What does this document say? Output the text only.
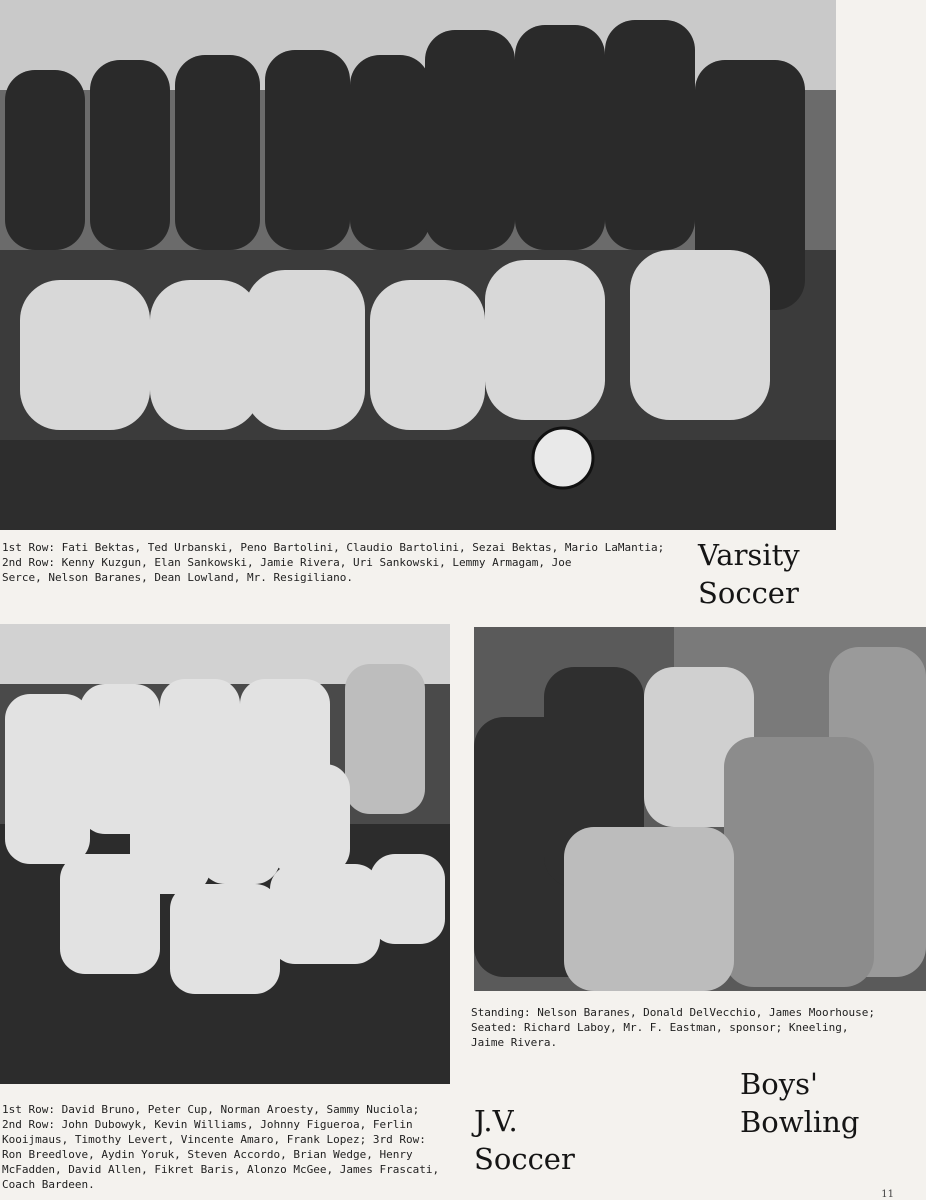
1st Row: Fati Bektas, Ted Urbanski, Peno Bartolini, Claudio Bartolini, Sezai Bektas, Mario LaMantia;

2nd Row: Kenny Kuzgun, Elan Sankowski, Jamie Rivera, Uri Sankowski, Lemmy Armagam, Joe

Serce, Nelson Baranes, Dean Lowland, Mr. Resigiliano.

Varsity
Soccer

1st Row: David Bruno, Peter Cup, Norman Aroesty, Sammy Nuciola;

2nd Row: John Dubowyk, Kevin Williams, Johnny Figueroa, Ferlin

Kooijmaus, Timothy Levert, Vincente Amaro, Frank Lopez; 3rd Row:

Ron Breedlove, Aydin Yoruk, Steven Accordo, Brian Wedge, Henry

McFadden, David Allen, Fikret Baris, Alonzo McGee, James Frascati,

Coach Bardeen.

J.V.
Soccer

Standing: Nelson Baranes, Donald DelVecchio, James Moorhouse;

Seated: Richard Laboy, Mr. F. Eastman, sponsor; Kneeling,

Jaime Rivera.

Boys'
Bowling
11
